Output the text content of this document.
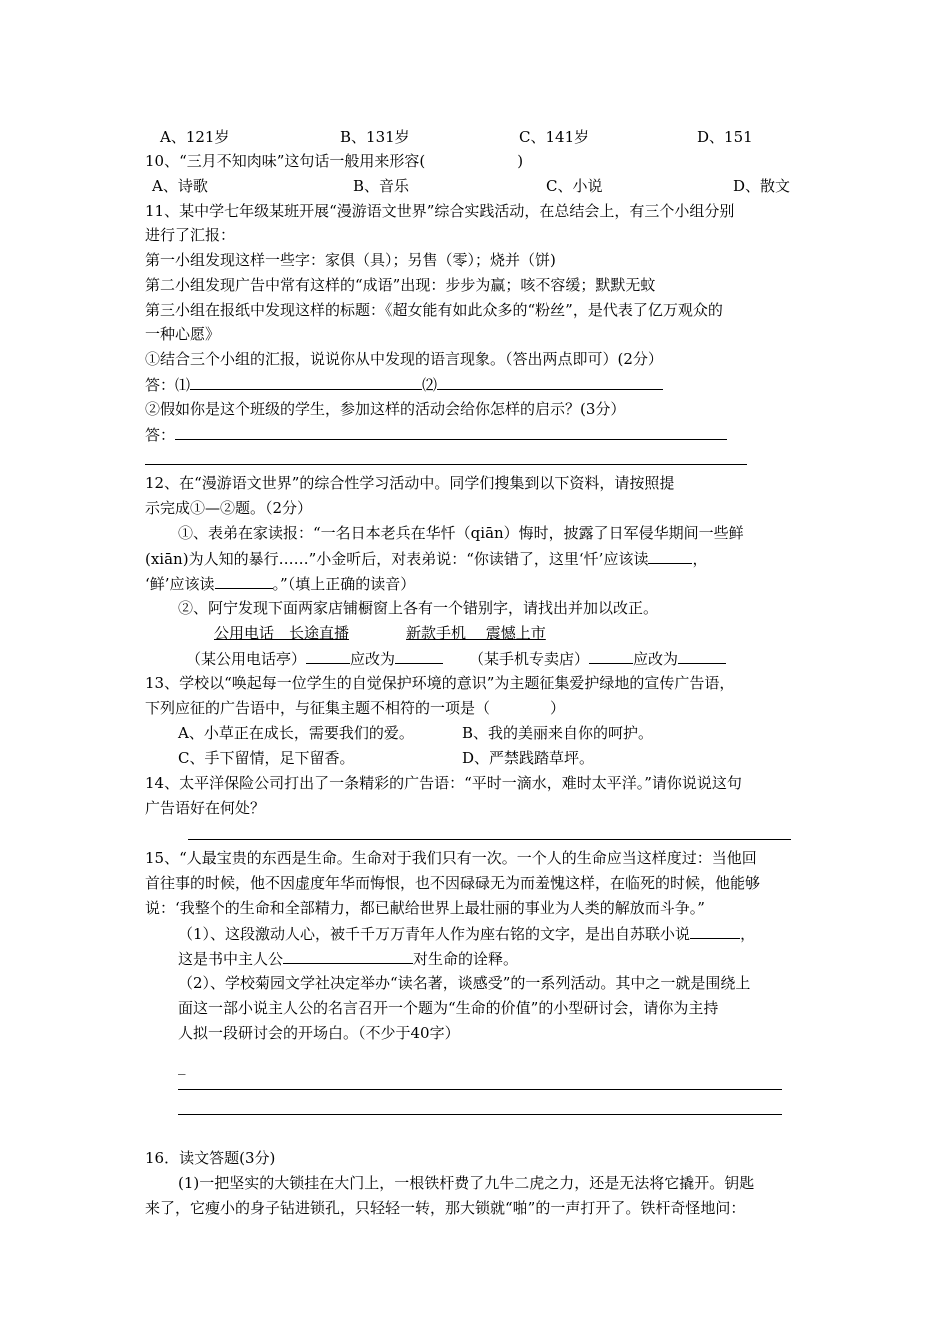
A、121岁	B、131岁	C、141岁	D、151
10、“三月不知肉味”这句话一般用来形容(	)
A、诗歌	B、音乐	C、小说	D、散文
11、某中学七年级某班开展“漫游语文世界”综合实践活动，在总结会上，有三个小组分别
进行了汇报：
第一小组发现这样一些字：家俱（具）；另售（零）；烧并（饼)
第二小组发现广告中常有这样的“成语”出现：步步为赢；咳不容缓；默默无蚊
第三小组在报纸中发现这样的标题：《超女能有如此众多的“粉丝”，是代表了亿万观众的
一种心愿》
①结合三个小组的汇报，说说你从中发现的语言现象。（答出两点即可）(2分）
答：⑴	⑵
②假如你是这个班级的学生，参加这样的活动会给你怎样的启示？(3分）
答：
12、在“漫游语文世界”的综合性学习活动中。同学们搜集到以下资料，请按照提
示完成①—②题。（2分）
①、表弟在家读报：“一名日本老兵在华忏（qiān）悔时，披露了日军侵华期间一些鲜
(xiān)为人知的暴行……”小金听后，对表弟说：“你读错了，这里‘忏’应该读	，
‘鲜’应该读	。”（填上正确的读音）
②、阿宁发现下面两家店铺橱窗上各有一个错别字，请找出并加以改正。
公用电话　长途直播	新款手机　 震憾上市
（某公用电话亭）	应改为	（某手机专卖店）	应改为
13、学校以“唤起每一位学生的自觉保护环境的意识”为主题征集爱护绿地的宣传广告语，
下列应征的广告语中，与征集主题不相符的一项是（　　　　）
A、小草正在成长，需要我们的爱。	B、我的美丽来自你的呵护。
C、手下留情，足下留香。	D、严禁践踏草坪。
14、太平洋保险公司打出了一条精彩的广告语：“平时一滴水，难时太平洋。”请你说说这句
广告语好在何处？
15、“人最宝贵的东西是生命。生命对于我们只有一次。一个人的生命应当这样度过：当他回
首往事的时候，他不因虚度年华而悔恨，也不因碌碌无为而羞愧这样，在临死的时候，他能够
说：‘我整个的生命和全部精力，都已献给世界上最壮丽的事业为人类的解放而斗争。”
（1）、这段激动人心，被千千万万青年人作为座右铭的文字，是出自苏联小说	，
这是书中主人公	对生命的诠释。
（2）、学校菊园文学社决定举办“读名著，谈感受”的一系列活动。其中之一就是围绕上
面这一部小说主人公的名言召开一个题为“生命的价值”的小型研讨会，请你为主持
人拟一段研讨会的开场白。（不少于40字）
_
16．读文答题(3分)
(1)一把坚实的大锁挂在大门上，一根铁杆费了九牛二虎之力，还是无法将它撬开。钥匙
来了，它瘦小的身子钻进锁孔，只轻轻一转，那大锁就“啪”的一声打开了。铁杆奇怪地问：
